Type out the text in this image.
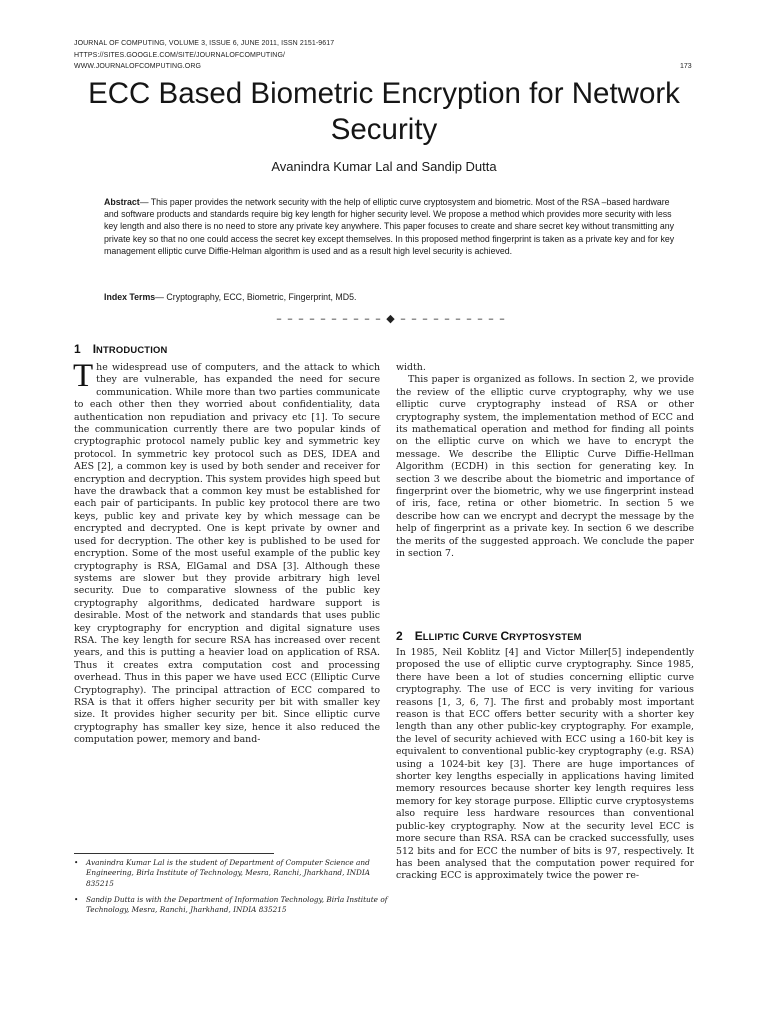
JOURNAL OF COMPUTING, VOLUME 3, ISSUE 6, JUNE 2011, ISSN 2151-9617
HTTPS://SITES.GOOGLE.COM/SITE/JOURNALOFCOMPUTING/
WWW.JOURNALOFCOMPUTING.ORG	173
ECC Based Biometric Encryption for Network
Security
Avanindra Kumar Lal and Sandip Dutta
Abstract— This paper provides the network security with the help of elliptic curve cryptosystem and biometric. Most of the RSA –based hardware and software products and standards require big key length for higher security level. We propose a method which provides more security with less key length and also there is no need to store any private key anywhere. This paper focuses to create and share secret key without transmitting any private key so that no one could access the secret key except themselves. In this proposed method fingerprint is taken as a private key and for key management elliptic curve Diffie-Helman algorithm is used and as a result high level security is achieved.
Index Terms— Cryptography, ECC, Biometric, Fingerprint, MD5.
– – – – – – – – – – ◆ – – – – – – – – – –
1 INTRODUCTION

The widespread use of computers, and the attack to which they are vulnerable, has expanded the need for secure communication. While more than two parties communicate to each other then they worried about confidentiality, data authentication non repudiation and privacy etc [1]. To secure the communication currently there are two popular kinds of cryptographic protocol namely public key and symmetric key protocol. In symmetric key protocol such as DES, IDEA and AES [2], a common key is used by both sender and receiver for encryption and decryption. This system provides high speed but have the drawback that a common key must be established for each pair of participants. In public key protocol there are two keys, public key and private key by which message can be encrypted and decrypted. One is kept private by owner and used for decryption. The other key is published to be used for encryption. Some of the most useful example of the public key cryptography is RSA, ElGamal and DSA [3]. Although these systems are slower but they provide arbitrary high level security. Due to comparative slowness of the public key cryptography algorithms, dedicated hardware support is desirable. Most of the network and standards that uses public key cryptography for encryption and digital signature uses RSA. The key length for secure RSA has increased over recent years, and this is putting a heavier load on application of RSA. Thus it creates extra computation cost and processing overhead. Thus in this paper we have used ECC (Elliptic Curve Cryptography). The principal attraction of ECC compared to RSA is that it offers higher security per bit with smaller key size. It provides higher security per bit. Since elliptic curve cryptography has smaller key size, hence it also reduced the computation power, memory and band-

width.

This paper is organized as follows. In section 2, we provide the review of the elliptic curve cryptography, why we use elliptic curve cryptography instead of RSA or other cryptography system, the implementation method of ECC and its mathematical operation and method for finding all points on the elliptic curve on which we have to encrypt the message. We describe the Elliptic Curve Diffie-Hellman Algorithm (ECDH) in this section for generating key. In section 3 we describe about the biometric and importance of fingerprint over the biometric, why we use fingerprint instead of iris, face, retina or other biometric. In section 5 we describe how can we encrypt and decrypt the message by the help of fingerprint as a private key. In section 6 we describe the merits of the suggested approach. We conclude the paper in section 7.

2 ELLIPTIC CURVE CRYPTOSYSTEM

In 1985, Neil Koblitz [4] and Victor Miller[5] independently proposed the use of elliptic curve cryptography. Since 1985, there have been a lot of studies concerning elliptic curve cryptography. The use of ECC is very inviting for various reasons [1, 3, 6, 7]. The first and probably most important reason is that ECC offers better security with a shorter key length than any other public-key cryptography. For example, the level of security achieved with ECC using a 160-bit key is equivalent to conventional public-key cryptography (e.g. RSA) using a 1024-bit key [3]. There are huge importances of shorter key lengths especially in applications having limited memory resources because shorter key length requires less memory for key storage purpose. Elliptic curve cryptosystems also require less hardware resources than conventional public-key cryptography. Now at the security level ECC is more secure than RSA. RSA can be cracked successfully, uses 512 bits and for ECC the number of bits is 97, respectively. It has been analysed that the computation power required for cracking ECC is approximately twice the power re-

• Avanindra Kumar Lal is the student of Department of Computer Science and Engineering, Birla Institute of Technology, Mesra, Ranchi, Jharkhand, INDIA 835215
• Sandip Dutta is with the Department of Information Technology, Birla Institute of Technology, Mesra, Ranchi, Jharkhand, INDIA 835215
